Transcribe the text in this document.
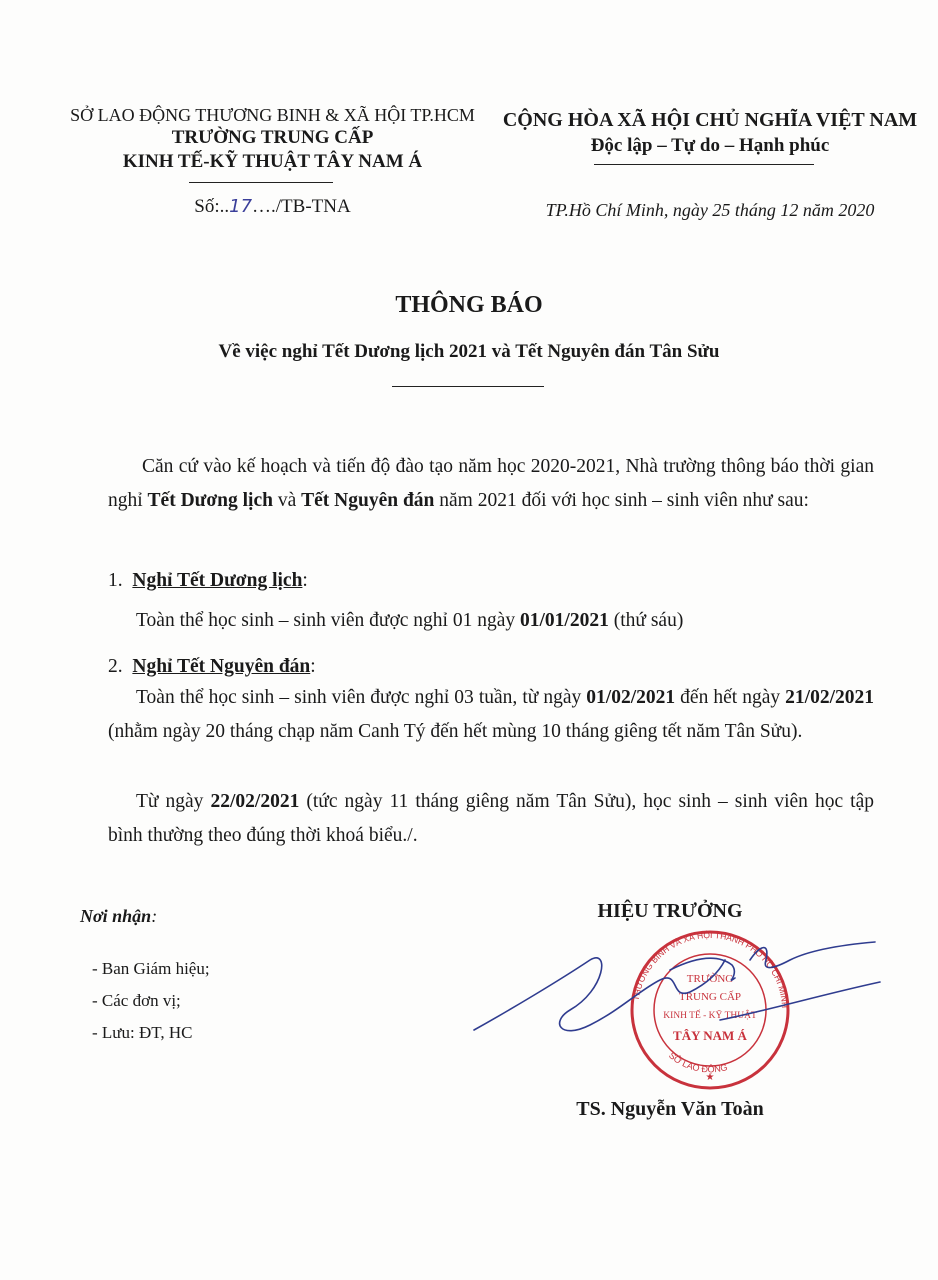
SỞ LAO ĐỘNG THƯƠNG BINH & XÃ HỘI TP.HCM
TRƯỜNG TRUNG CẤP
KINH TẾ-KỸ THUẬT TÂY NAM Á
Số:..17…./TB-TNA
CỘNG HÒA XÃ HỘI CHỦ NGHĨA VIỆT NAM
Độc lập – Tự do – Hạnh phúc
TP.Hồ Chí Minh, ngày 25 tháng 12 năm 2020
THÔNG BÁO
Về việc nghỉ Tết Dương lịch 2021 và Tết Nguyên đán Tân Sửu
Căn cứ vào kế hoạch và tiến độ đào tạo năm học 2020-2021, Nhà trường thông báo thời gian nghỉ Tết Dương lịch và Tết Nguyên đán năm 2021 đối với học sinh – sinh viên như sau:
1. Nghỉ Tết Dương lịch:
Toàn thể học sinh – sinh viên được nghỉ 01 ngày 01/01/2021 (thứ sáu)
2. Nghỉ Tết Nguyên đán:
Toàn thể học sinh – sinh viên được nghỉ 03 tuần, từ ngày 01/02/2021 đến hết ngày 21/02/2021 (nhằm ngày 20 tháng chạp năm Canh Tý đến hết mùng 10 tháng giêng tết năm Tân Sửu).
Từ ngày 22/02/2021 (tức ngày 11 tháng giêng năm Tân Sửu), học sinh – sinh viên học tập bình thường theo đúng thời khoá biểu./.
Nơi nhận:
- Ban Giám hiệu;
- Các đơn vị;
- Lưu: ĐT, HC
HIỆU TRƯỞNG
THƯƠNG BINH VÀ XÃ HỘI THÀNH PHỐ HỒ CHÍ MINH
SỞ LAO ĐỘNG
TRƯỜNG
TRUNG CẤP
KINH TẾ - KỸ THUẬT
TÂY NAM Á
★
TS. Nguyễn Văn Toàn
